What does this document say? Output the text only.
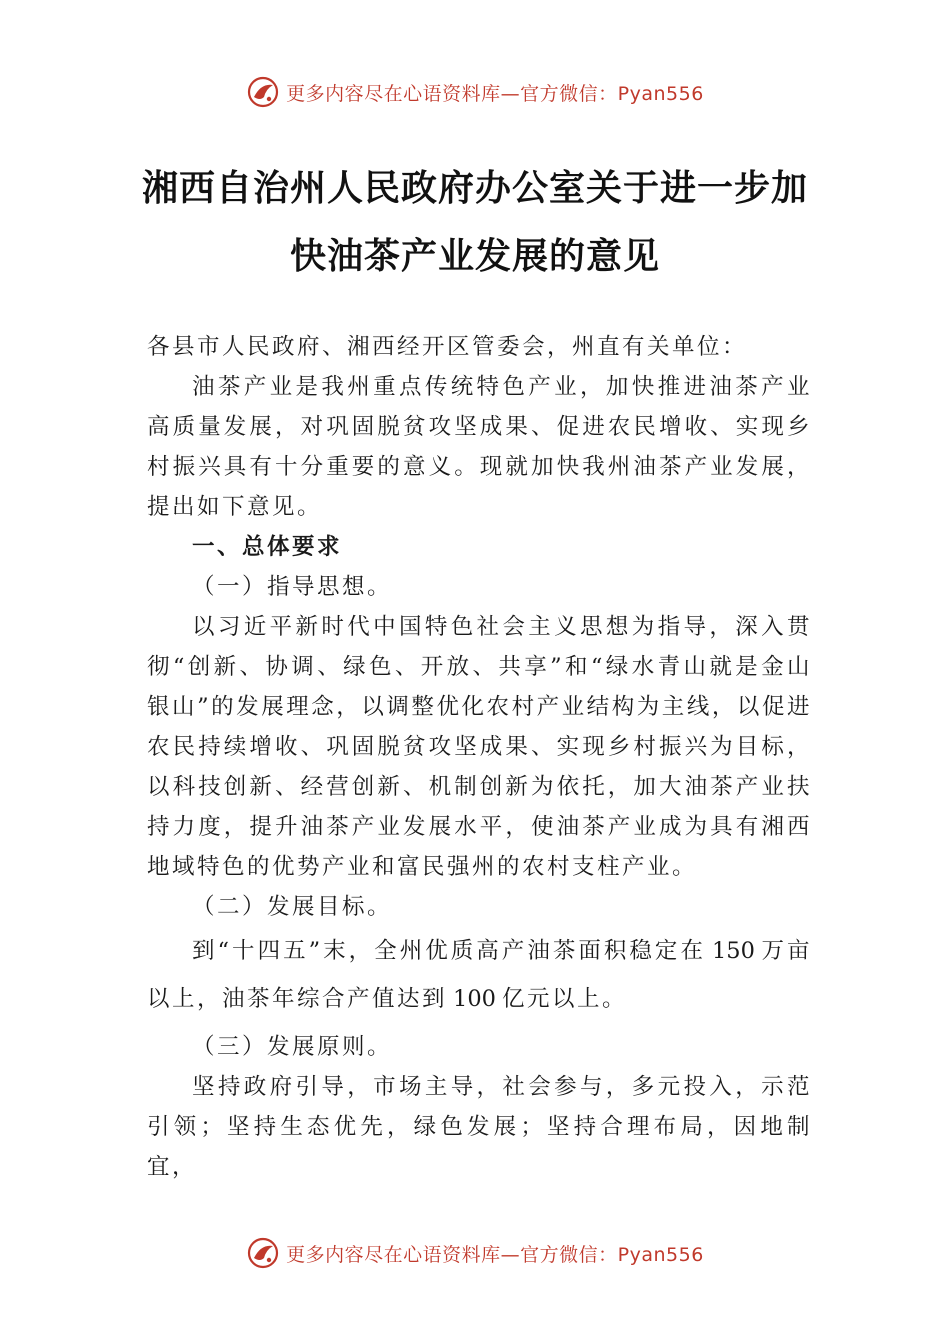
更多内容尽在心语资料库—官方微信：Pyan556
湘西自治州人民政府办公室关于进一步加
快油茶产业发展的意见

各县市人民政府、湘西经开区管委会，州直有关单位：

油茶产业是我州重点传统特色产业，加快推进油茶产业高质量发展，对巩固脱贫攻坚成果、促进农民增收、实现乡村振兴具有十分重要的意义。现就加快我州油茶产业发展， 提出如下意见。

一、总体要求

（一）指导思想。

以习近平新时代中国特色社会主义思想为指导，深入贯彻“创新、协调、绿色、开放、共享”和“绿水青山就是金山银山”的发展理念，以调整优化农村产业结构为主线，以促进农民持续增收、巩固脱贫攻坚成果、实现乡村振兴为目标，以科技创新、经营创新、机制创新为依托，加大油茶产业扶持力度，提升油茶产业发展水平，使油茶产业成为具有湘西地域特色的优势产业和富民强州的农村支柱产业。

（二）发展目标。

到“十四五”末，全州优质高产油茶面积稳定在 150 万亩以上，油茶年综合产值达到 100 亿元以上。

（三）发展原则。

坚持政府引导，市场主导，社会参与，多元投入，示范引领；坚持生态优先，绿色发展；坚持合理布局，因地制宜，

更多内容尽在心语资料库—官方微信：Pyan556
